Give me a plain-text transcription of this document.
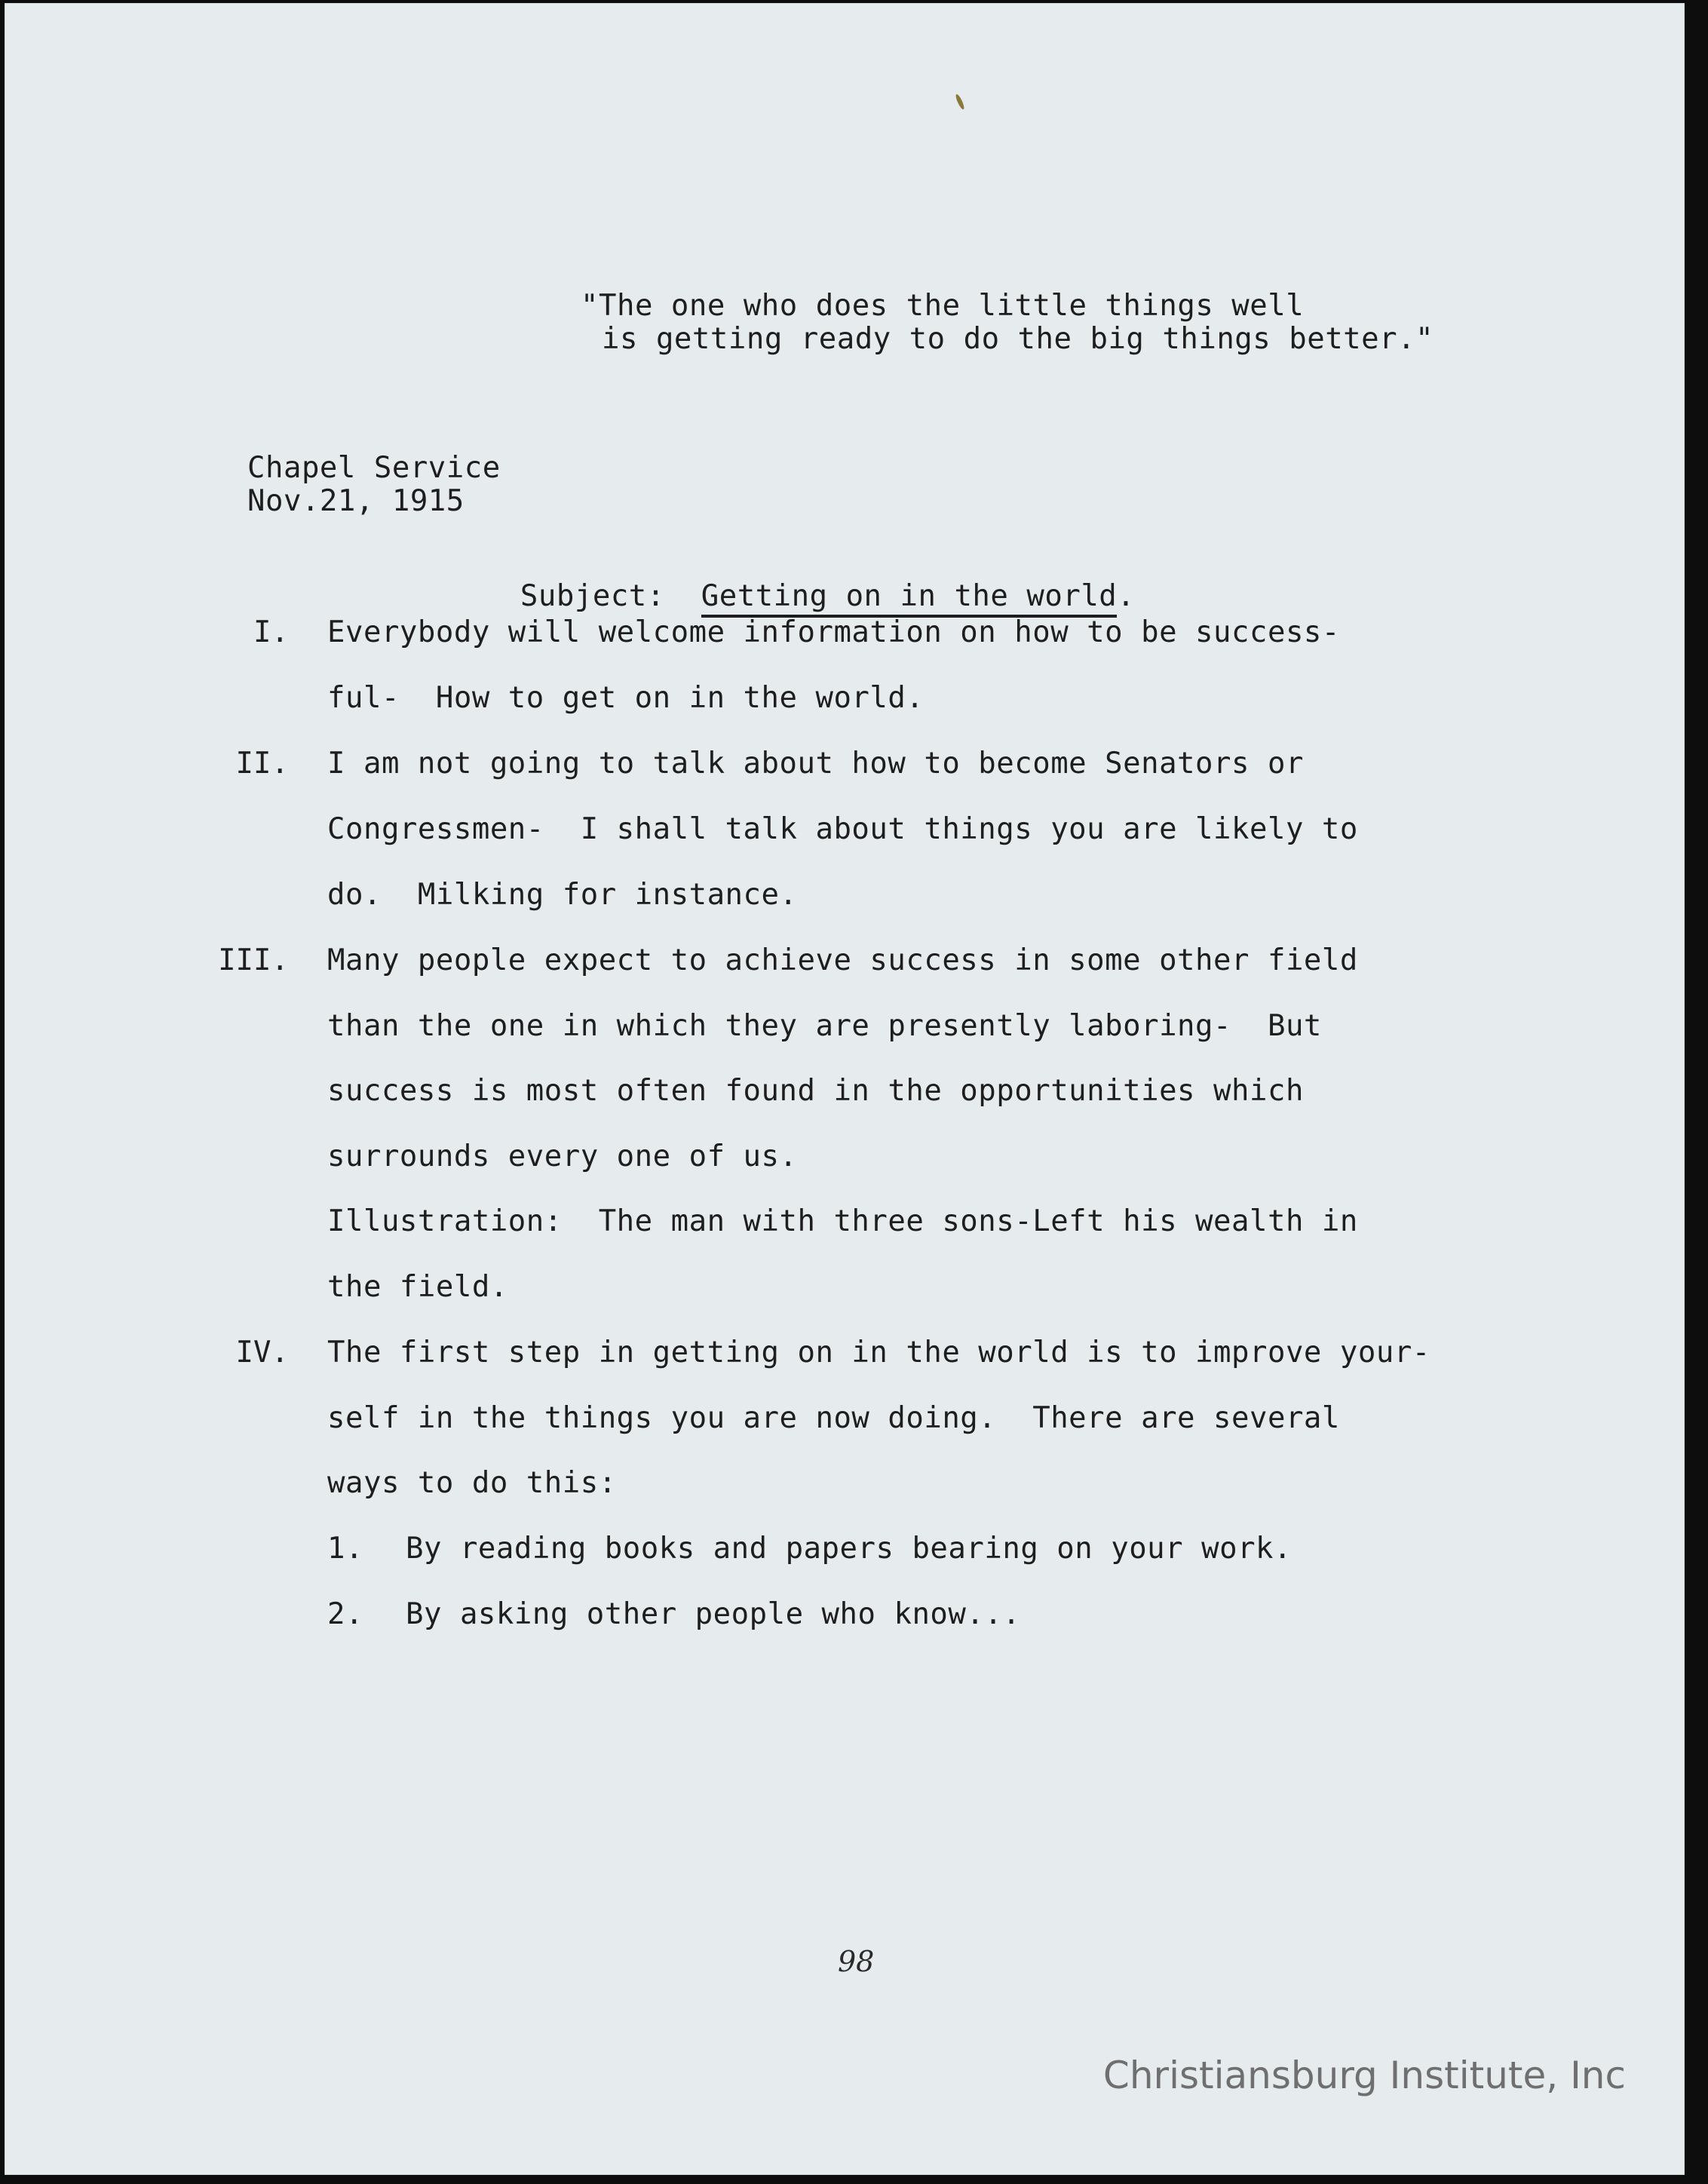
"The one who does the little things well
is getting ready to do the big things better."
Chapel Service
Nov.21, 1915

Subject: Getting on in the world.

I. Everybody will welcome information on how to be success-
ful-  How to get on in the world.
II. I am not going to talk about how to become Senators or
Congressmen-  I shall talk about things you are likely to
do.  Milking for instance.
III. Many people expect to achieve success in some other field
than the one in which they are presently laboring-  But
success is most often found in the opportunities which
surrounds every one of us.
Illustration:  The man with three sons-Left his wealth in
the field.
IV. The first step in getting on in the world is to improve your-
self in the things you are now doing.  There are several
ways to do this:
1. By reading books and papers bearing on your work.
2. By asking other people who know...
98
Christiansburg Institute, Inc
